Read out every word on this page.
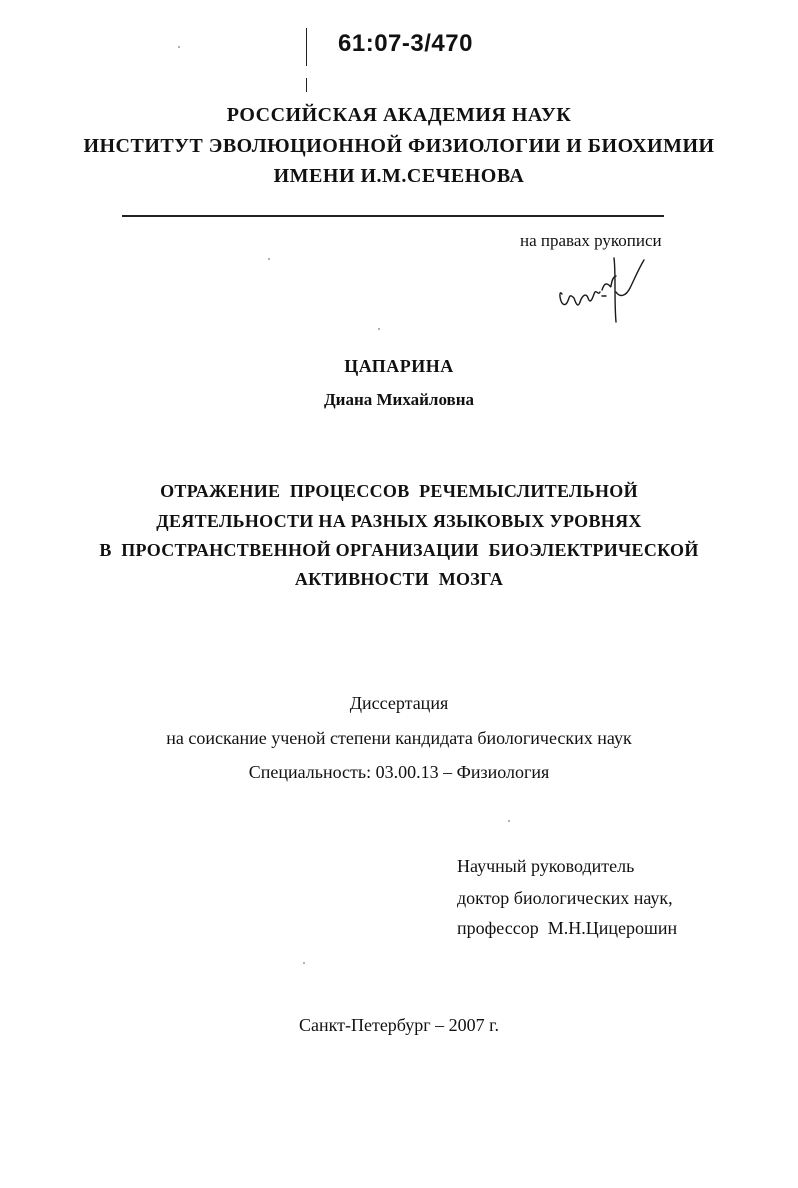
61:07-3/470
РОССИЙСКАЯ АКАДЕМИЯ НАУК
ИНСТИТУТ ЭВОЛЮЦИОННОЙ ФИЗИОЛОГИИ И БИОХИМИИ
ИМЕНИ И.М.СЕЧЕНОВА
на правах рукописи
ЦАПАРИНА
Диана Михайловна
ОТРАЖЕНИЕ  ПРОЦЕССОВ  РЕЧЕМЫСЛИТЕЛЬНОЙ
ДЕЯТЕЛЬНОСТИ НА РАЗНЫХ ЯЗЫКОВЫХ УРОВНЯХ
В  ПРОСТРАНСТВЕННОЙ ОРГАНИЗАЦИИ  БИОЭЛЕКТРИЧЕСКОЙ
АКТИВНОСТИ  МОЗГА
Диссертация
на соискание ученой степени кандидата биологических наук
Специальность: 03.00.13 – Физиология
Научный руководитель
доктор биологических наук,
профессор  М.Н.Цицерошин
Санкт-Петербург – 2007 г.
